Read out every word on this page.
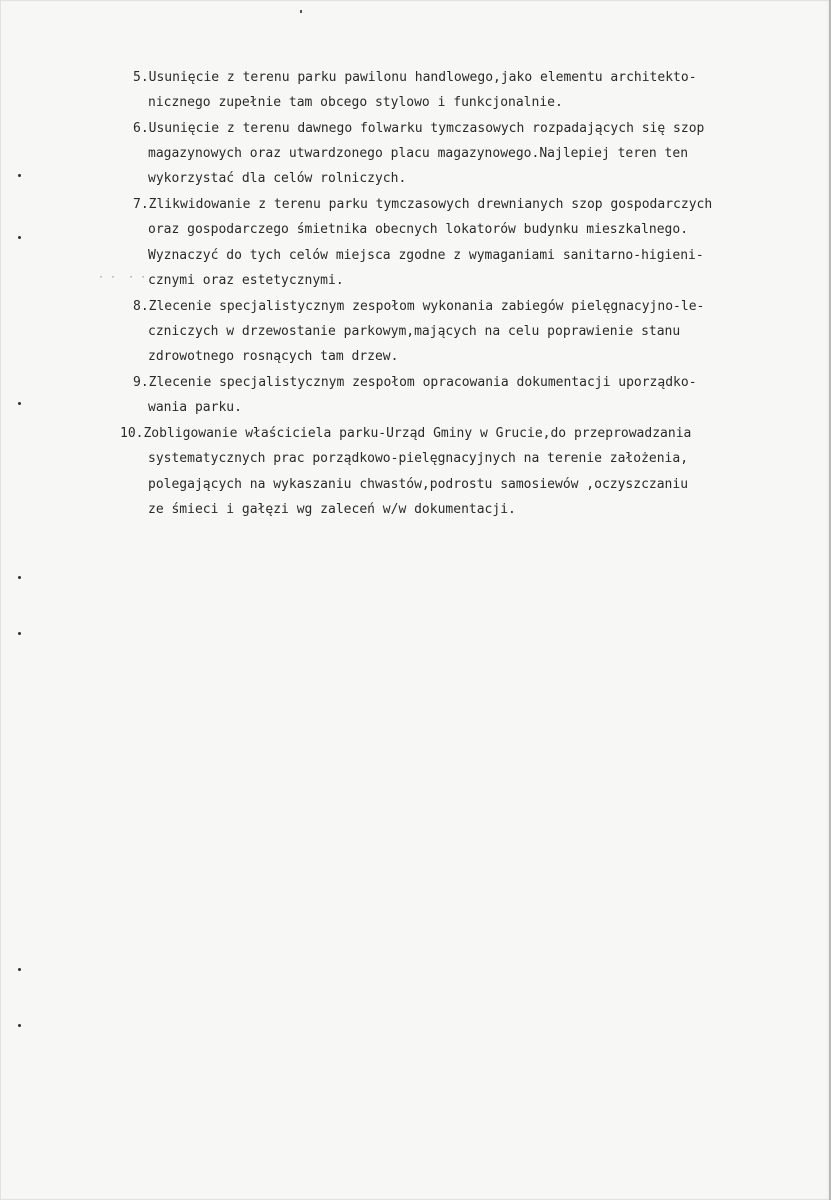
· ·  · ·
5.Usunięcie z terenu parku pawilonu handlowego,jako elementu architekto-
nicznego zupełnie tam obcego stylowo i funkcjonalnie.
6.Usunięcie z terenu dawnego folwarku tymczasowych rozpadających się szop
magazynowych oraz utwardzonego placu magazynowego.Najlepiej teren ten
wykorzystać dla celów rolniczych.
7.Zlikwidowanie z terenu parku tymczasowych drewnianych szop gospodarczych
oraz gospodarczego śmietnika obecnych lokatorów budynku mieszkalnego.
Wyznaczyć do tych celów miejsca zgodne z wymaganiami sanitarno-higieni-
cznymi oraz estetycznymi.
8.Zlecenie specjalistycznym zespołom wykonania zabiegów pielęgnacyjno-le-
czniczych w drzewostanie parkowym,mających na celu poprawienie stanu
zdrowotnego rosnących tam drzew.
9.Zlecenie specjalistycznym zespołom opracowania dokumentacji uporządko-
wania parku.
10.Zobligowanie właściciela parku-Urząd Gminy w Grucie,do przeprowadzania
systematycznych prac porządkowo-pielęgnacyjnych na terenie założenia,
polegających na wykaszaniu chwastów,podrostu samosiewów ,oczyszczaniu
ze śmieci i gałęzi wg zaleceń w/w dokumentacji.
